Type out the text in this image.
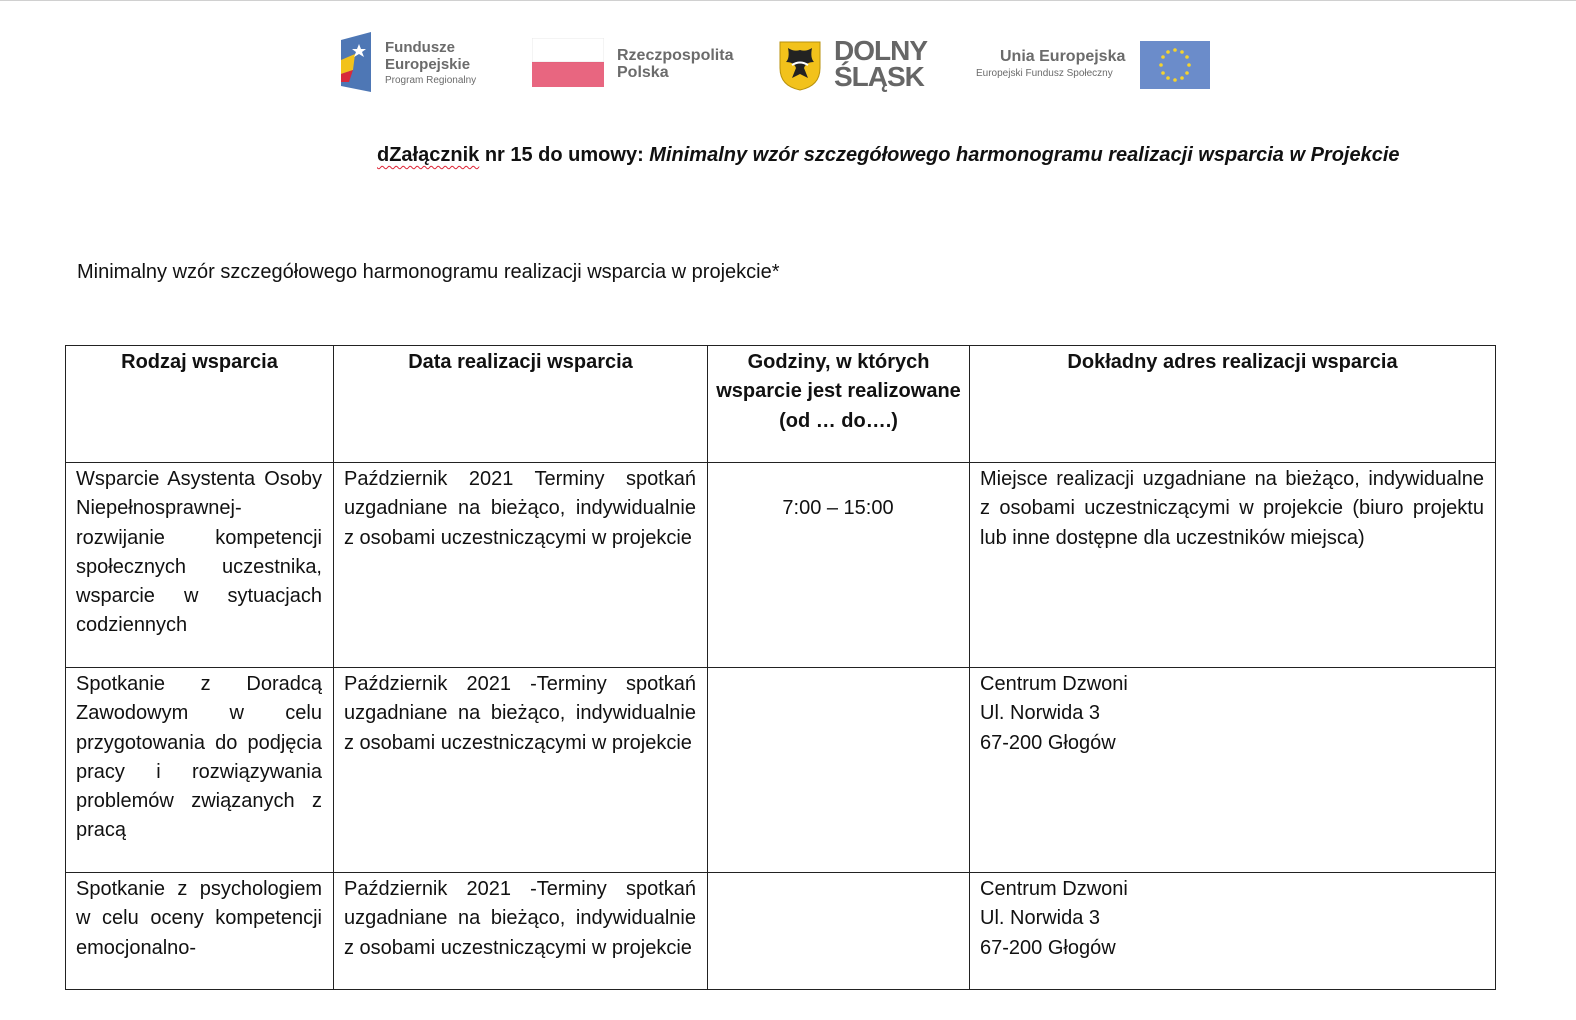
Fundusze
Europejskie
Program Regionalny
Rzeczpospolita
Polska
DOLNY
ŚLĄSK
Unia Europejska
Europejski Fundusz Społeczny
dZałącznik nr 15 do umowy: Minimalny wzór szczegółowego harmonogramu realizacji wsparcia w Projekcie
Minimalny wzór szczegółowego harmonogramu realizacji wsparcia w projekcie*
Rodzaj wsparcia	Data realizacji wsparcia	Godziny, w których wsparcie jest realizowane (od … do….)	Dokładny adres realizacji wsparcia
Wsparcie Asystenta Osoby Niepełnosprawnej- rozwijanie kompetencji społecznych uczestnika, wsparcie w sytuacjach codziennych	Październik 2021 Terminy spotkań uzgadniane na bieżąco, indywidualnie z osobami uczestniczącymi w projekcie	7:00 – 15:00	Miejsce realizacji uzgadniane na bieżąco, indywidualne z osobami uczestniczącymi w projekcie (biuro projektu lub inne dostępne dla uczestników miejsca)
Spotkanie z Doradcą Zawodowym w celu przygotowania do podjęcia pracy i rozwiązywania problemów związanych z pracą	Październik 2021 -Terminy spotkań uzgadniane na bieżąco, indywidualnie z osobami uczestniczącymi w projekcie		Centrum Dzwoni
Ul. Norwida 3
67-200 Głogów

Spotkanie z psychologiem w celu oceny kompetencji emocjonalno-	Październik 2021 -Terminy spotkań uzgadniane na bieżąco, indywidualnie z osobami uczestniczącymi w projekcie		Centrum Dzwoni
Ul. Norwida 3
67-200 Głogów
